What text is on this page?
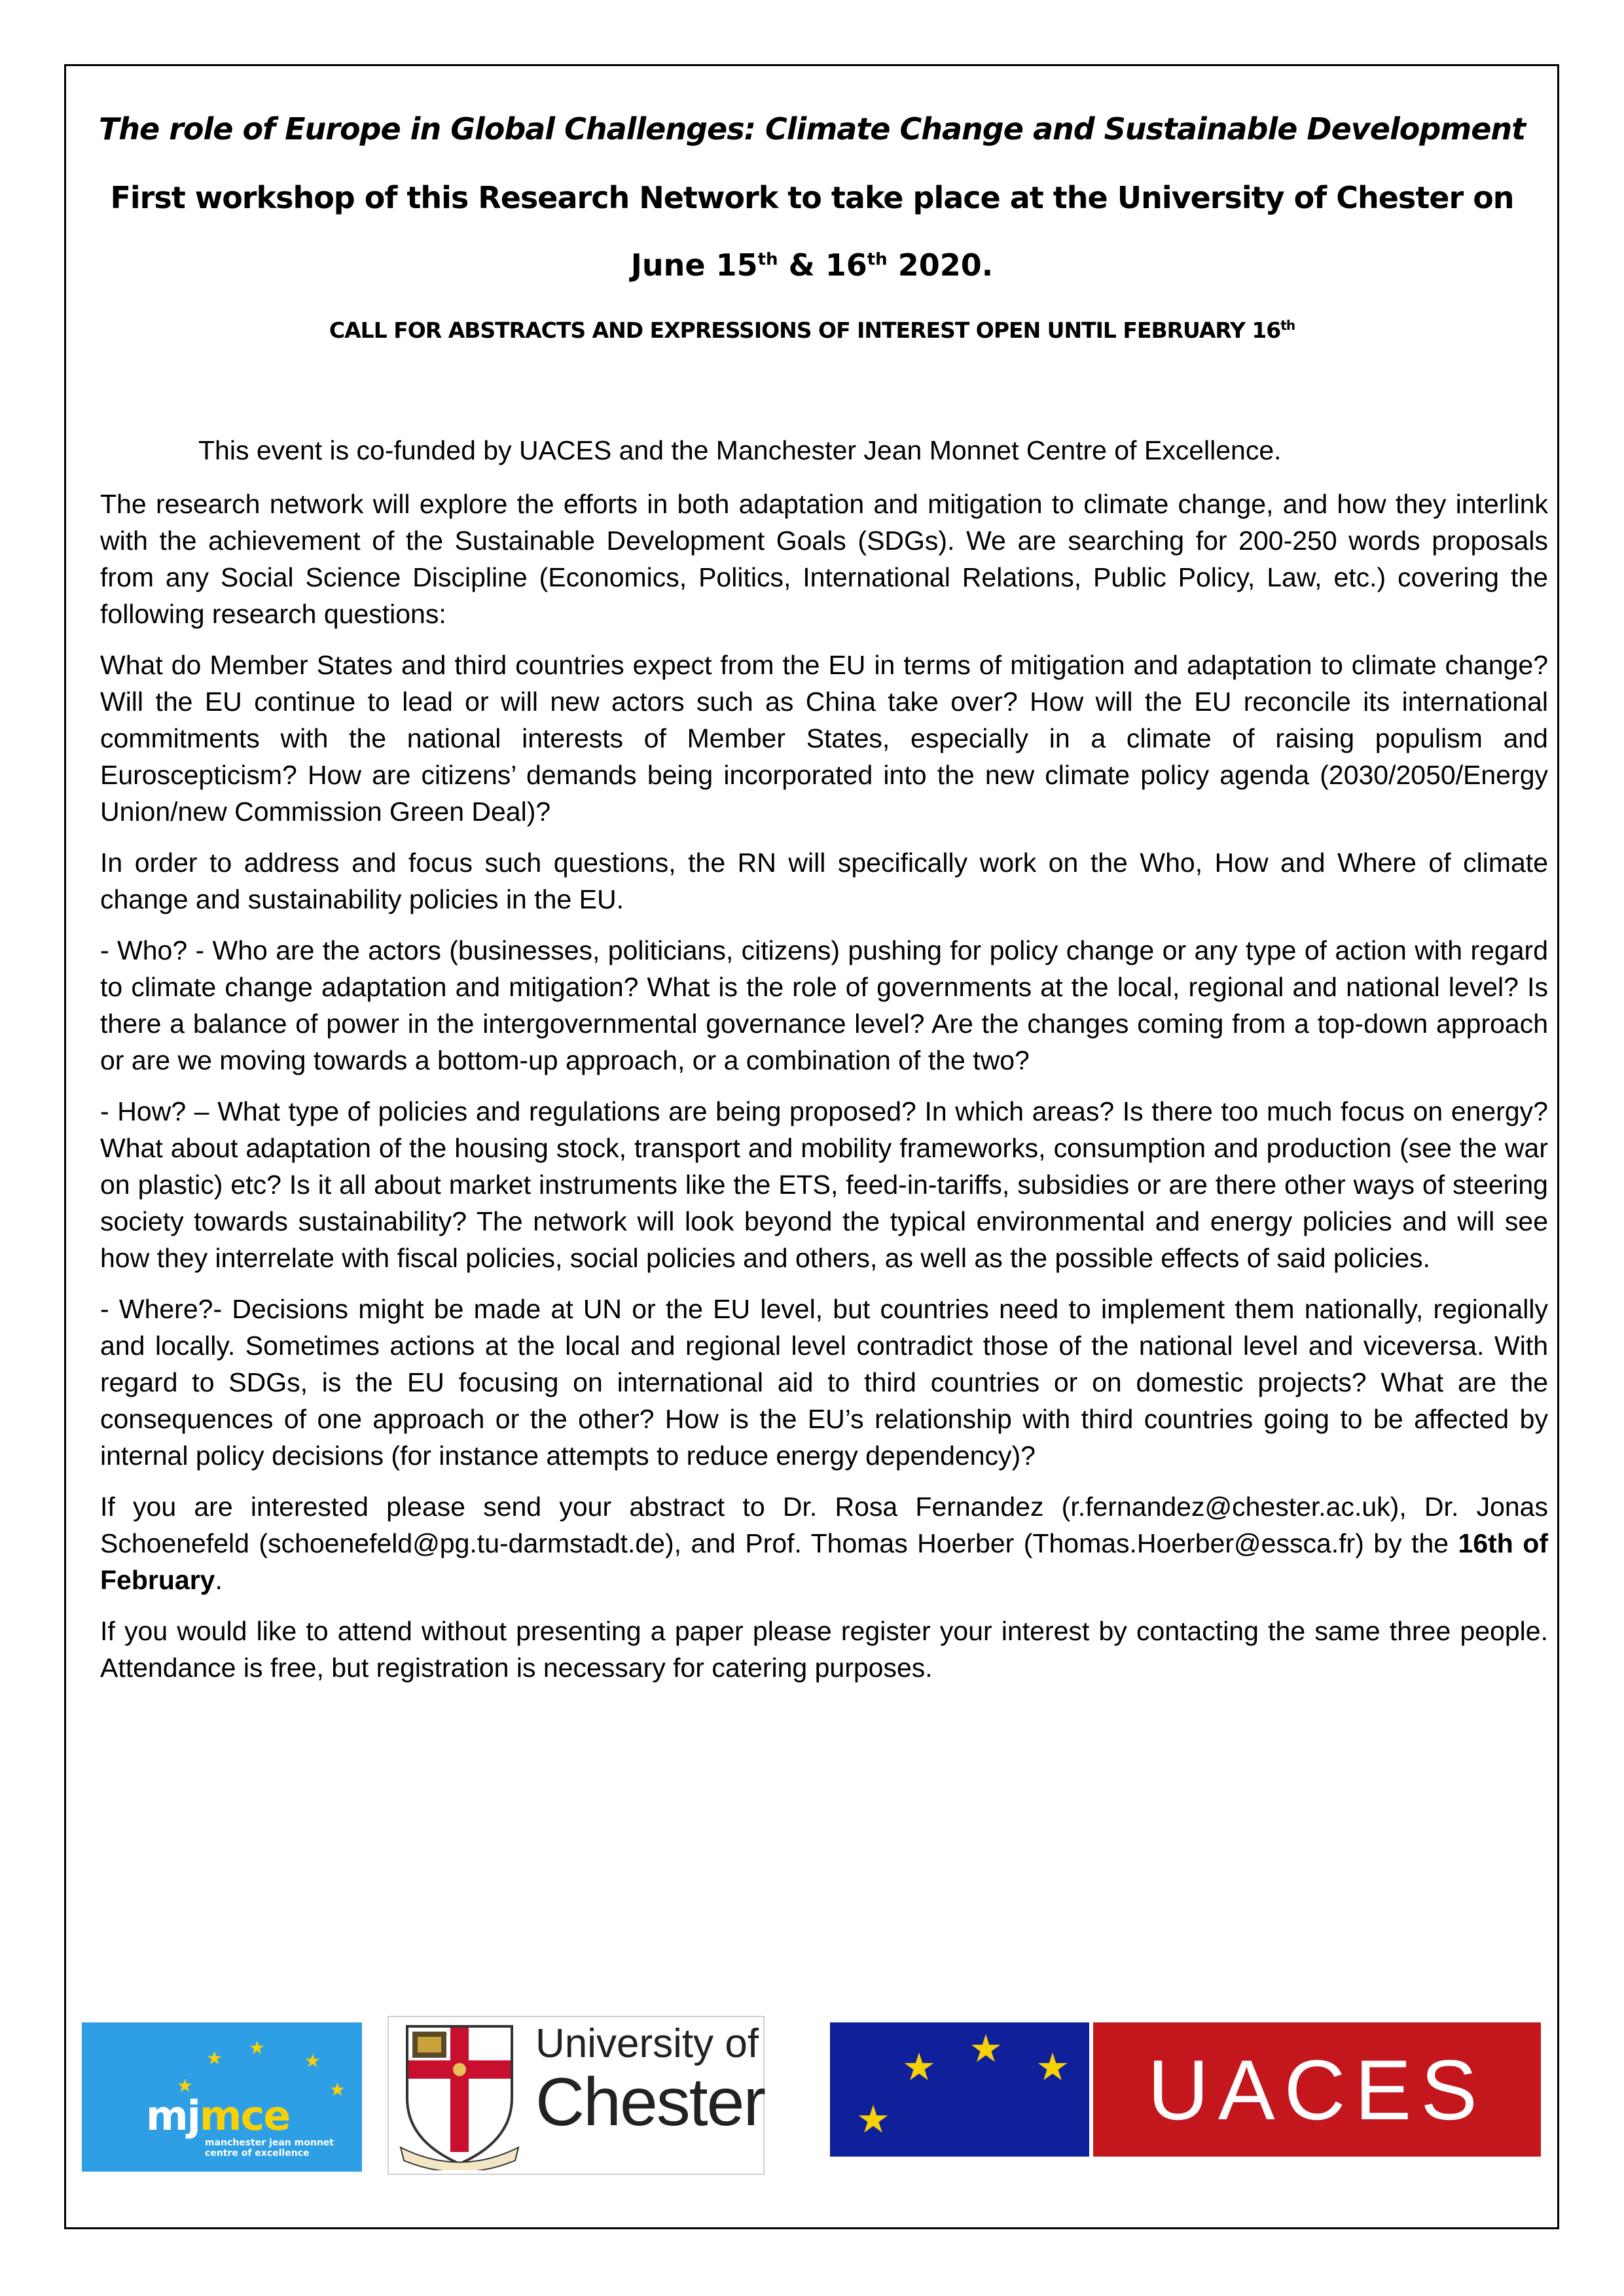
The role of Europe in Global Challenges: Climate Change and Sustainable Development
First workshop of this Research Network to take place at the University of Chester on
June 15th & 16th 2020.
CALL FOR ABSTRACTS AND EXPRESSIONS OF INTEREST OPEN UNTIL FEBRUARY 16th

This event is co-funded by UACES and the Manchester Jean Monnet Centre of Excellence.

The research network will explore the efforts in both adaptation and mitigation to climate change, and how they interlink with the achievement of the Sustainable Development Goals (SDGs). We are searching for 200-250 words proposals from any Social Science Discipline (Economics, Politics, International Relations, Public Policy, Law, etc.) covering the following research questions:

What do Member States and third countries expect from the EU in terms of mitigation and adaptation to climate change? Will the EU continue to lead or will new actors such as China take over? How will the EU reconcile its international commitments with the national interests of Member States, especially in a climate of raising populism and Euroscepticism? How are citizens’ demands being incorporated into the new climate policy agenda (2030/2050/Energy Union/new Commission Green Deal)?

In order to address and focus such questions, the RN will specifically work on the Who, How and Where of climate change and sustainability policies in the EU.

- Who? - Who are the actors (businesses, politicians, citizens) pushing for policy change or any type of action with regard to climate change adaptation and mitigation? What is the role of governments at the local, regional and national level? Is there a balance of power in the intergovernmental governance level? Are the changes coming from a top-down approach or are we moving towards a bottom-up approach, or a combination of the two?

- How? – What type of policies and regulations are being proposed? In which areas? Is there too much focus on energy? What about adaptation of the housing stock, transport and mobility frameworks, consumption and production (see the war on plastic) etc? Is it all about market instruments like the ETS, feed-in-tariffs, subsidies or are there other ways of steering society towards sustainability? The network will look beyond the typical environmental and energy policies and will see how they interrelate with fiscal policies, social policies and others, as well as the possible effects of said policies.

- Where?- Decisions might be made at UN or the EU level, but countries need to implement them nationally, regionally and locally. Sometimes actions at the local and regional level contradict those of the national level and viceversa. With regard to SDGs, is the EU focusing on international aid to third countries or on domestic projects? What are the consequences of one approach or the other? How is the EU’s relationship with third countries going to be affected by internal policy decisions (for instance attempts to reduce energy dependency)?

If you are interested please send your abstract to Dr. Rosa Fernandez (r.fernandez@chester.ac.uk), Dr. Jonas Schoenefeld (schoenefeld@pg.tu-darmstadt.de), and Prof. Thomas Hoerber (Thomas.Hoerber@essca.fr) by the 16th of February.

If you would like to attend without presenting a paper please register your interest by contacting the same three people. Attendance is free, but registration is necessary for catering purposes.

★
★
★
★	★
mjmce
manchester jean monnet
centre of excellence
University of
Chester	★ ★ ★
★	UACES
